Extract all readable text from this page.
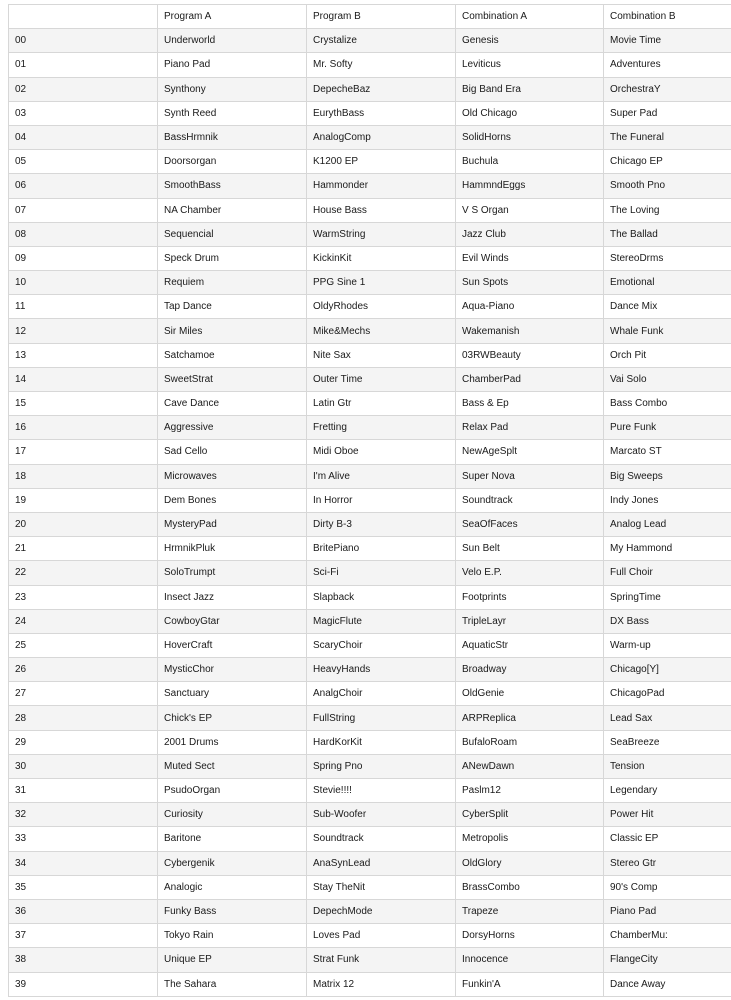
	Program A	Program B	Combination A	Combination B
00	Underworld	Crystalize	Genesis	Movie Time
01	Piano Pad	Mr. Softy	Leviticus	Adventures
02	Synthony	DepecheBaz	Big Band Era	OrchestraY
03	Synth Reed	EurythBass	Old Chicago	Super Pad
04	BassHrmnik	AnalogComp	SolidHorns	The Funeral
05	Doorsorgan	K1200 EP	Buchula	Chicago EP
06	SmoothBass	Hammonder	HammndEggs	Smooth Pno
07	NA Chamber	House Bass	V S Organ	The Loving
08	Sequencial	WarmString	Jazz Club	The Ballad
09	Speck Drum	KickinKit	Evil Winds	StereoDrms
10	Requiem	PPG Sine 1	Sun Spots	Emotional
11	Tap Dance	OldyRhodes	Aqua-Piano	Dance Mix
12	Sir Miles	Mike&Mechs	Wakemanish	Whale Funk
13	Satchamoe	Nite Sax	03RWBeauty	Orch Pit
14	SweetStrat	Outer Time	ChamberPad	Vai Solo
15	Cave Dance	Latin Gtr	Bass & Ep	Bass Combo
16	Aggressive	Fretting	Relax Pad	Pure Funk
17	Sad Cello	Midi Oboe	NewAgeSplt	Marcato ST
18	Microwaves	I'm Alive	Super Nova	Big Sweeps
19	Dem Bones	In Horror	Soundtrack	Indy Jones
20	MysteryPad	Dirty B-3	SeaOfFaces	Analog Lead
21	HrmnikPluk	BritePiano	Sun Belt	My Hammond
22	SoloTrumpt	Sci-Fi	Velo E.P.	Full Choir
23	Insect Jazz	Slapback	Footprints	SpringTime
24	CowboyGtar	MagicFlute	TripleLayr	DX Bass
25	HoverCraft	ScaryChoir	AquaticStr	Warm-up
26	MysticChor	HeavyHands	Broadway	Chicago[Y]
27	Sanctuary	AnalgChoir	OldGenie	ChicagoPad
28	Chick's EP	FullString	ARPReplica	Lead Sax
29	2001 Drums	HardKorKit	BufaloRoam	SeaBreeze
30	Muted Sect	Spring Pno	ANewDawn	Tension
31	PsudoOrgan	Stevie!!!!	Paslm12	Legendary
32	Curiosity	Sub-Woofer	CyberSplit	Power Hit
33	Baritone	Soundtrack	Metropolis	Classic EP
34	Cybergenik	AnaSynLead	OldGlory	Stereo Gtr
35	Analogic	Stay TheNit	BrassCombo	90's Comp
36	Funky Bass	DepechMode	Trapeze	Piano Pad
37	Tokyo Rain	Loves Pad	DorsyHorns	ChamberMu:
38	Unique EP	Strat Funk	Innocence	FlangeCity
39	The Sahara	Matrix 12	Funkin'A	Dance Away
